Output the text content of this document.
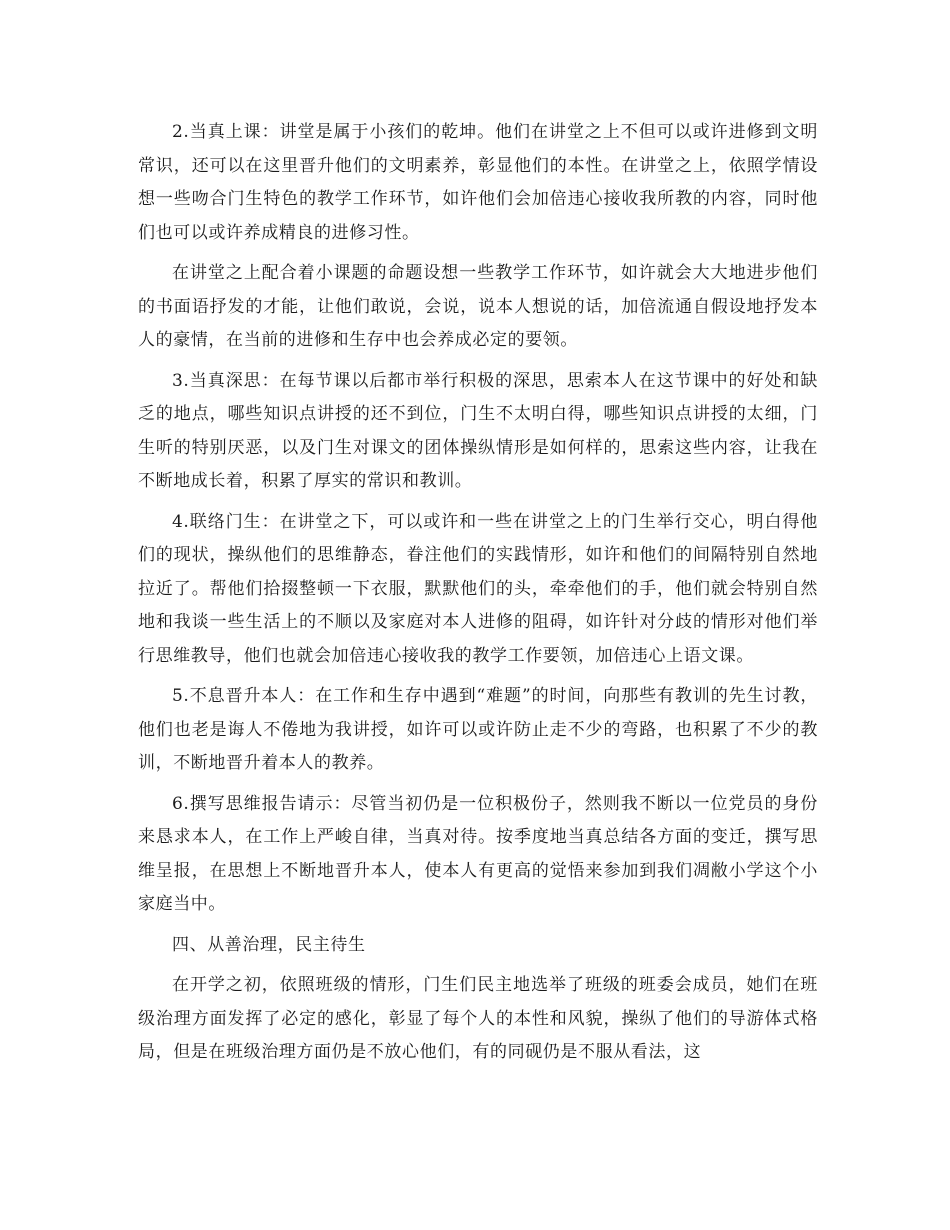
2.当真上课：讲堂是属于小孩们的乾坤。他们在讲堂之上不但可以或许进修到文明常识，还可以在这里晋升他们的文明素养，彰显他们的本性。在讲堂之上，依照学情设想一些吻合门生特色的教学工作环节，如许他们会加倍违心接收我所教的内容，同时他们也可以或许养成精良的进修习性。

在讲堂之上配合着小课题的命题设想一些教学工作环节，如许就会大大地进步他们的书面语抒发的才能，让他们敢说，会说，说本人想说的话，加倍流通自假设地抒发本人的豪情，在当前的进修和生存中也会养成必定的要领。

3.当真深思：在每节课以后都市举行积极的深思，思索本人在这节课中的好处和缺乏的地点，哪些知识点讲授的还不到位，门生不太明白得，哪些知识点讲授的太细，门生听的特别厌恶，以及门生对课文的团体操纵情形是如何样的，思索这些内容，让我在不断地成长着，积累了厚实的常识和教训。

4.联络门生：在讲堂之下，可以或许和一些在讲堂之上的门生举行交心，明白得他们的现状，操纵他们的思维静态，眷注他们的实践情形，如许和他们的间隔特别自然地拉近了。帮他们拾掇整顿一下衣服，默默他们的头，牵牵他们的手，他们就会特别自然地和我谈一些生活上的不顺以及家庭对本人进修的阻碍，如许针对分歧的情形对他们举行思维教导，他们也就会加倍违心接收我的教学工作要领，加倍违心上语文课。

5.不息晋升本人：在工作和生存中遇到“难题”的时间，向那些有教训的先生讨教，他们也老是诲人不倦地为我讲授，如许可以或许防止走不少的弯路，也积累了不少的教训，不断地晋升着本人的教养。

6.撰写思维报告请示：尽管当初仍是一位积极份子，然则我不断以一位党员的身份来恳求本人，在工作上严峻自律，当真对待。按季度地当真总结各方面的变迁，撰写思维呈报，在思想上不断地晋升本人，使本人有更高的觉悟来参加到我们凋敝小学这个小家庭当中。

四、从善治理，民主待生

在开学之初，依照班级的情形，门生们民主地选举了班级的班委会成员，她们在班级治理方面发挥了必定的感化，彰显了每个人的本性和风貌，操纵了他们的导游体式格局，但是在班级治理方面仍是不放心他们，有的同砚仍是不服从看法，这
